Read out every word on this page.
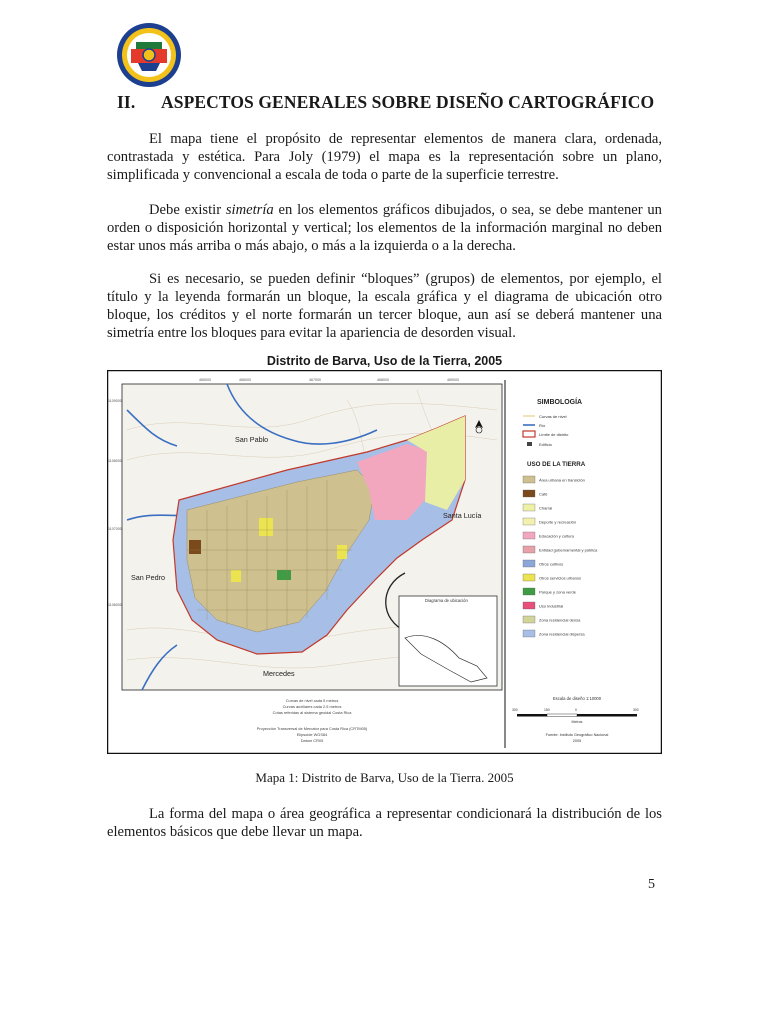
II. ASPECTOS GENERALES SOBRE DISEÑO CARTOGRÁFICO

El mapa tiene el propósito de representar elementos de manera clara, ordenada, contrastada y estética. Para Joly (1979) el mapa es la representación sobre un plano, simplificada y convencional a escala de toda o parte de la superficie terrestre.

Debe existir simetría en los elementos gráficos dibujados, o sea, se debe mantener un orden o disposición horizontal y vertical; los elementos de la información marginal no deben estar unos más arriba o más abajo, o más a la izquierda o a la derecha.

Si es necesario, se pueden definir “bloques” (grupos) de elementos, por ejemplo, el título y la leyenda formarán un bloque, la escala gráfica y el diagrama de ubicación otro bloque, los créditos y el norte formarán un tercer bloque, aun así se deberá mantener una simetría entre los bloques para evitar la apariencia de desorden visual.

Distrito de Barva, Uso de la Tierra, 2005
Diagrama de ubicación
San Pablo
Santa Lucía
San Pedro
Mercedes
465000	466000	467000	468000	469000
1109000
1108000
1107000
1106000
Curvas de nivel cada 5 metros
Curvas auxiliares cada 2.5 metros
Cotas referidas al sistema geoidal Costa Rica
Proyección Transversal de Mercator para Costa Rica (CRTM05)
Elipsoide WGS84
Datum CR05
SIMBOLOGÍA
Curvas de nivel
Río
Límite de distrito
Edificio
USO DE LA TIERRA
Área urbana en transición
Café
Charral
Deporte y recreación
Educación y cultura
Entidad gubernamental y pública
Otros cultivos
Otros servicios urbanos
Parque y zona verde
Uso industrial
Zona residencial densa
Zona residencial dispersa
Escala de diseño 1:10000
300	150	0	300
Metros
Fuente: Instituto Geográfico Nacional
2005
Mapa 1: Distrito de Barva, Uso de la Tierra. 2005

La forma del mapa o área geográfica a representar condicionará la distribución de los elementos básicos que debe llevar un mapa.

5
